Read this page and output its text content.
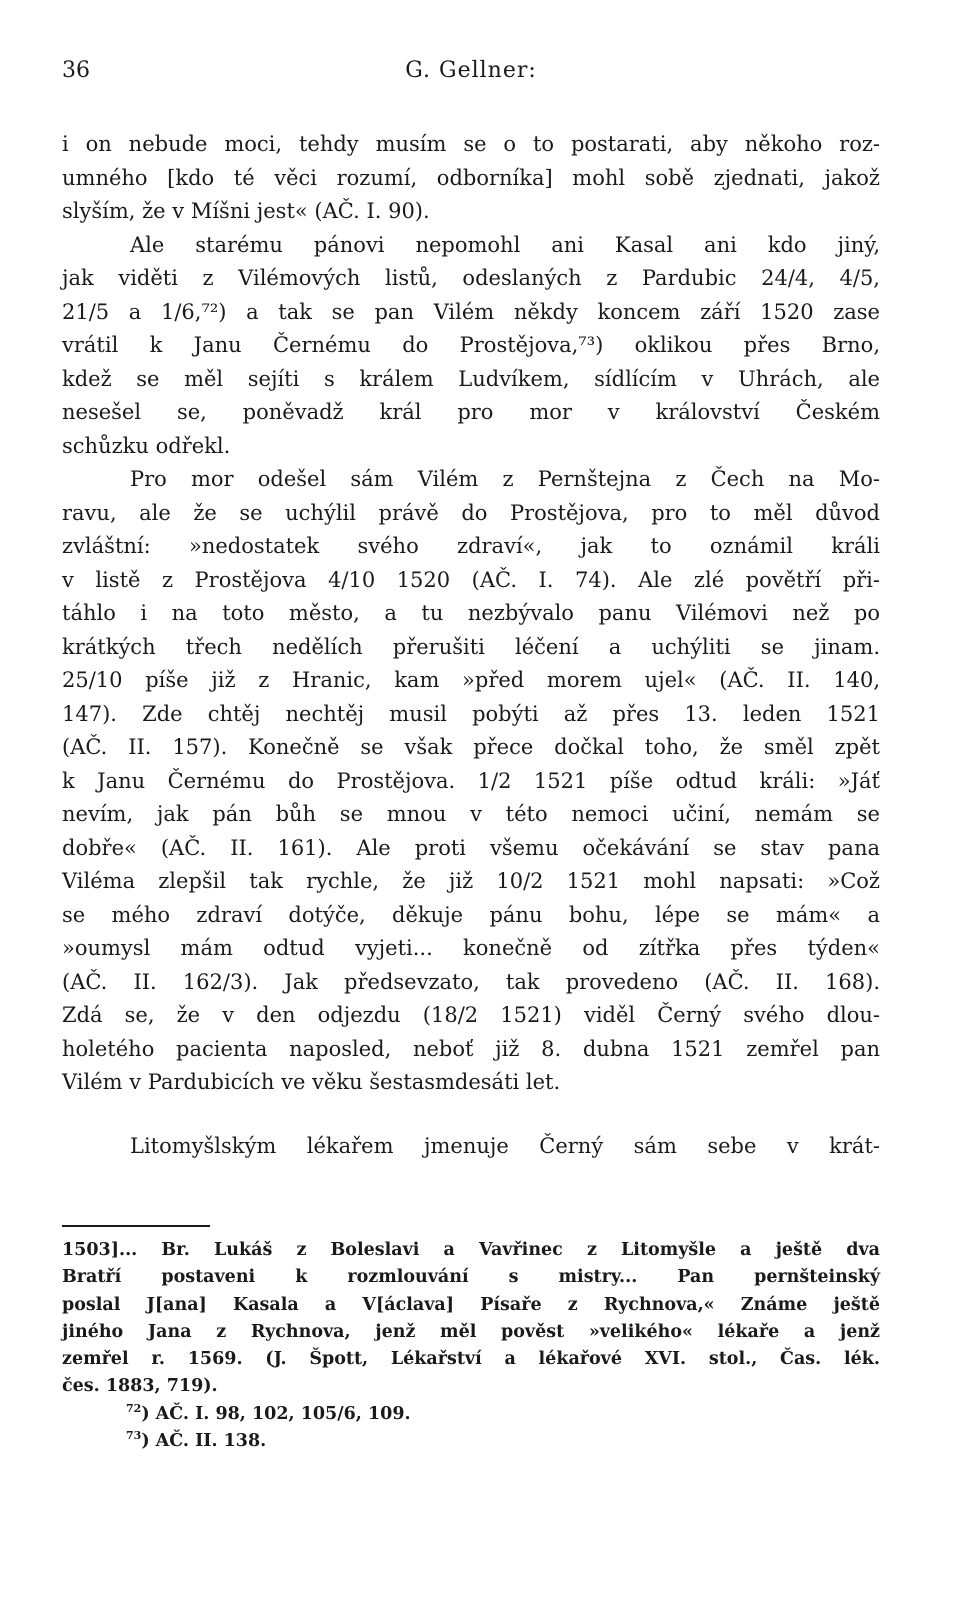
36	G. Gellner:
i on nebude moci, tehdy musím se o to postarati, aby někoho roz-
umného [kdo té věci rozumí, odborníka] mohl sobě zjednati, jakož
slyším, že v Míšni jest« (AČ. I. 90).
Ale starému pánovi nepomohl ani Kasal ani kdo jiný,
jak viděti z Vilémových listů, odeslaných z Pardubic 24/4, 4/5,
21/5 a 1/6,⁷²) a tak se pan Vilém někdy koncem září 1520 zase
vrátil k Janu Černému do Prostějova,⁷³) oklikou přes Brno,
kdež se měl sejíti s králem Ludvíkem, sídlícím v Uhrách, ale
nesešel se, poněvadž král pro mor v království Českém
schůzku odřekl.
Pro mor odešel sám Vilém z Pernštejna z Čech na Mo-
ravu, ale že se uchýlil právě do Prostějova, pro to měl důvod
zvláštní: »nedostatek svého zdraví«, jak to oznámil králi
v listě z Prostějova 4/10 1520 (AČ. I. 74). Ale zlé povětří při-
táhlo i na toto město, a tu nezbývalo panu Vilémovi než po
krátkých třech nedělích přerušiti léčení a uchýliti se jinam.
25/10 píše již z Hranic, kam »před morem ujel« (AČ. II. 140,
147). Zde chtěj nechtěj musil pobýti až přes 13. leden 1521
(AČ. II. 157). Konečně se však přece dočkal toho, že směl zpět
k Janu Černému do Prostějova. 1/2 1521 píše odtud králi: »Jáť
nevím, jak pán bůh se mnou v této nemoci učiní, nemám se
dobře« (AČ. II. 161). Ale proti všemu očekávání se stav pana
Viléma zlepšil tak rychle, že již 10/2 1521 mohl napsati: »Což
se mého zdraví dotýče, děkuje pánu bohu, lépe se mám« a
»oumysl mám odtud vyjeti... konečně od zítřka přes týden«
(AČ. II. 162/3). Jak předsevzato, tak provedeno (AČ. II. 168).
Zdá se, že v den odjezdu (18/2 1521) viděl Černý svého dlou-
holetého pacienta naposled, neboť již 8. dubna 1521 zemřel pan
Vilém v Pardubicích ve věku šestasmdesáti let.
Litomyšlským lékařem jmenuje Černý sám sebe v krát-
1503]... Br. Lukáš z Boleslavi a Vavřinec z Litomyšle a ještě dva
Bratří postaveni k rozmlouvání s mistry... Pan pernšteinský
poslal J[ana] Kasala a V[áclava] Písaře z Rychnova,« Známe ještě
jiného Jana z Rychnova, jenž měl pověst »velikého« lékaře a jenž
zemřel r. 1569. (J. Špott, Lékařství a lékařové XVI. stol., Čas. lék.
čes. 1883, 719).
$^{72}$) AČ. I. 98, 102, 105/6, 109.
$^{73}$) AČ. II. 138.
